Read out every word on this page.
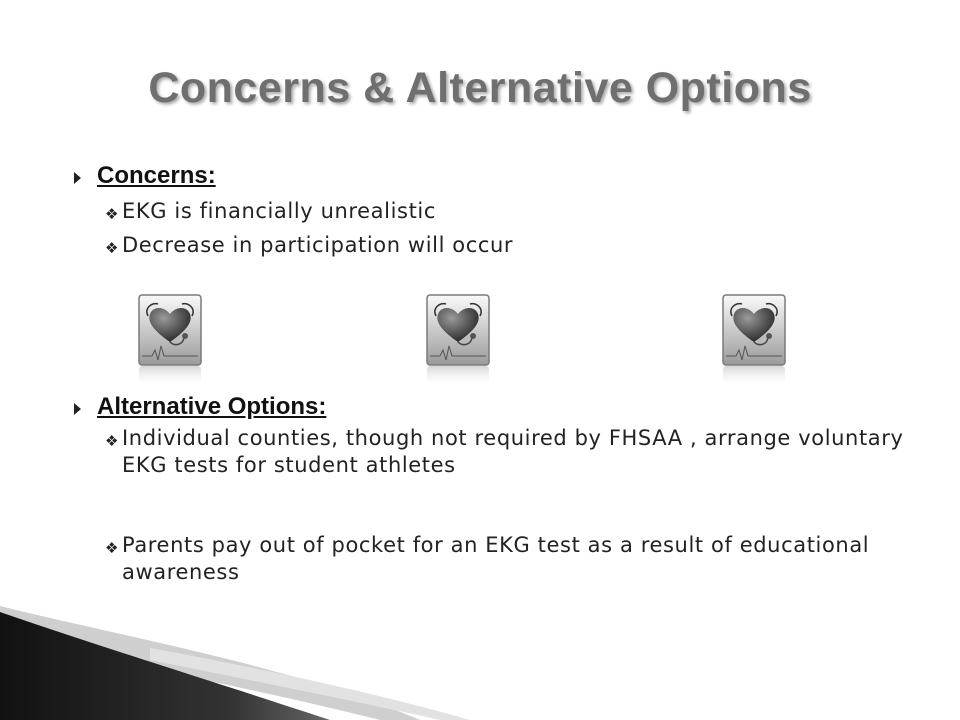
Concerns & Alternative Options
Concerns:
❖ EKG is financially unrealistic
❖ Decrease in participation will occur
Alternative Options:
❖ Individual counties, though not required by FHSAA , arrange voluntary EKG tests for student athletes
❖ Parents pay out of pocket for an EKG test as a result of educational awareness
